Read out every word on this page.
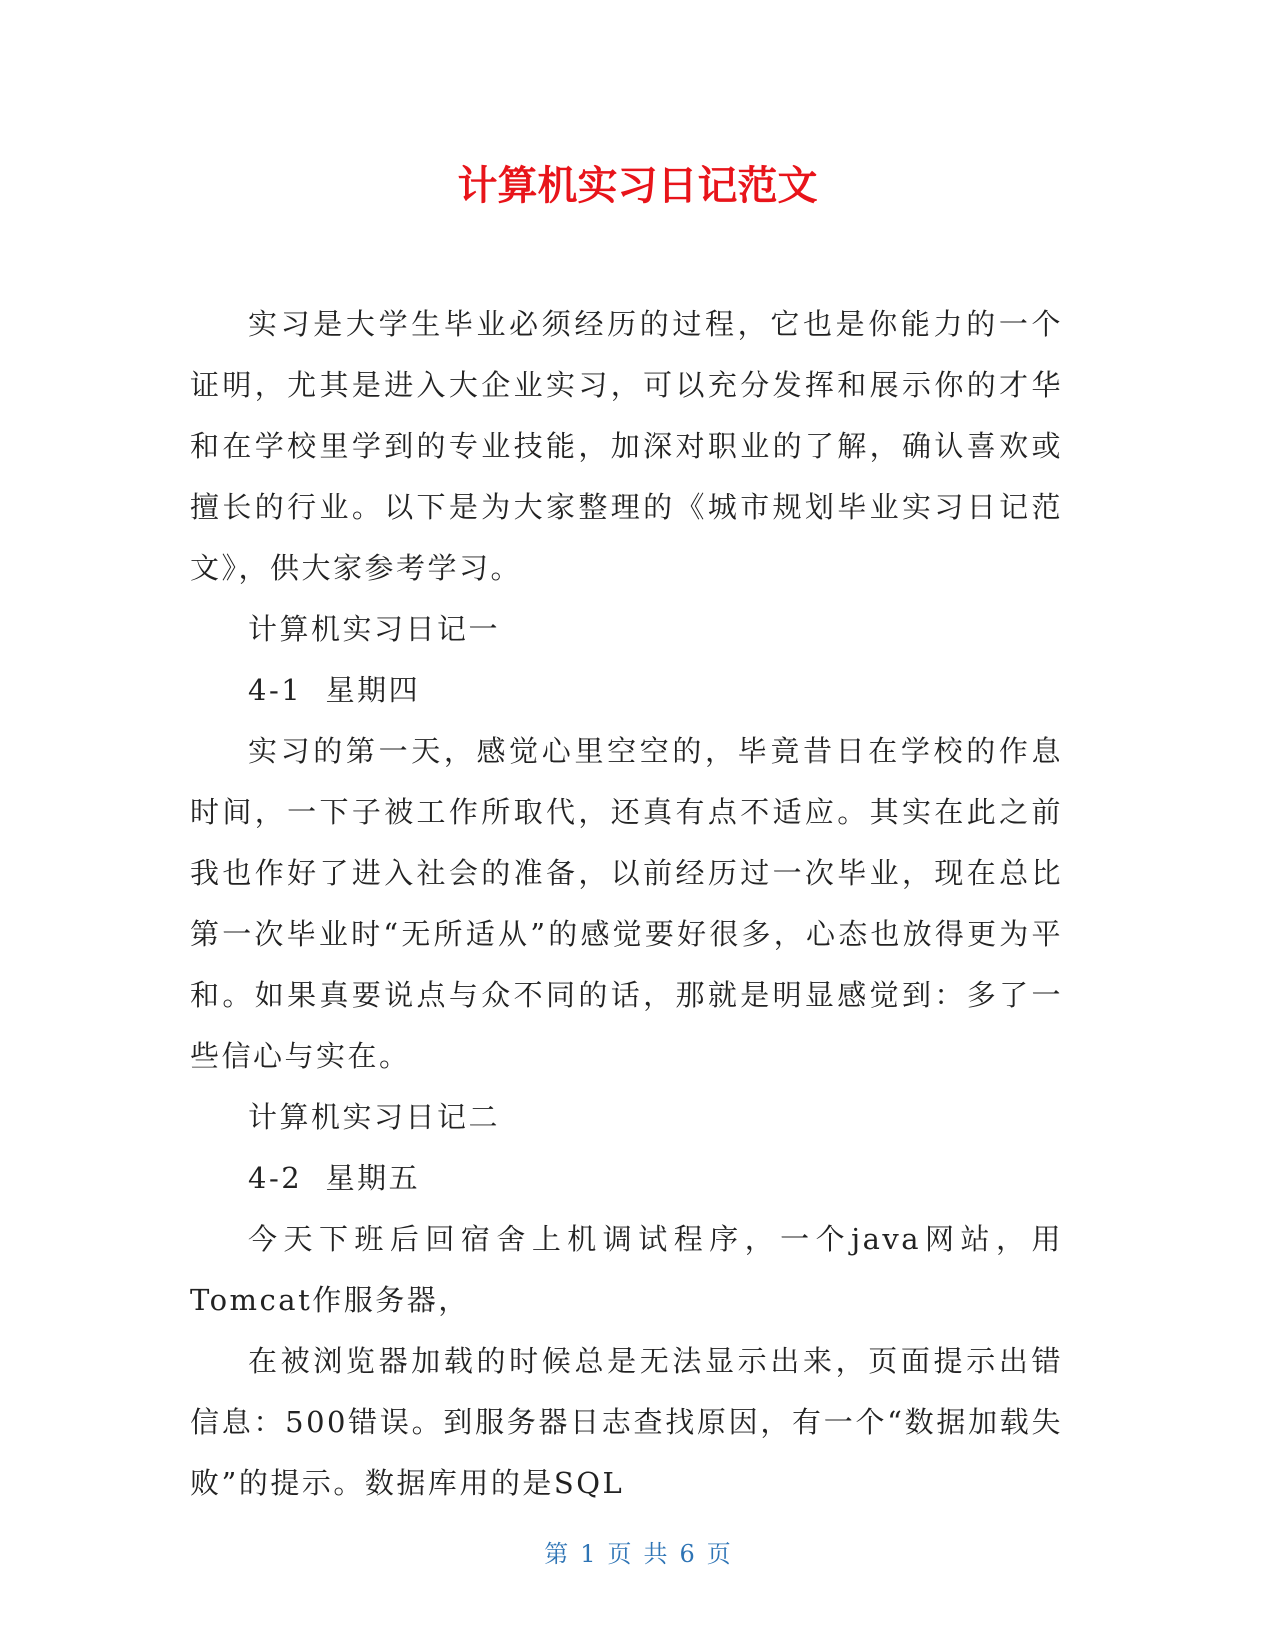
计算机实习日记范文

实习是大学生毕业必须经历的过程，它也是你能力的一个证明，尤其是进入大企业实习，可以充分发挥和展示你的才华和在学校里学到的专业技能，加深对职业的了解，确认喜欢或擅长的行业。以下是为大家整理的《城市规划毕业实习日记范文》，供大家参考学习。

计算机实习日记一

4-1  星期四

实习的第一天，感觉心里空空的，毕竟昔日在学校的作息时间，一下子被工作所取代，还真有点不适应。其实在此之前我也作好了进入社会的准备，以前经历过一次毕业，现在总比第一次毕业时“无所适从”的感觉要好很多，心态也放得更为平和。如果真要说点与众不同的话，那就是明显感觉到：多了一些信心与实在。

计算机实习日记二

4-2  星期五

今天下班后回宿舍上机调试程序，一个java网站，用Tomcat作服务器，

在被浏览器加载的时候总是无法显示出来，页面提示出错信息：500错误。到服务器日志查找原因，有一个“数据加载失败”的提示。数据库用的是SQL

第 1 页 共 6 页
